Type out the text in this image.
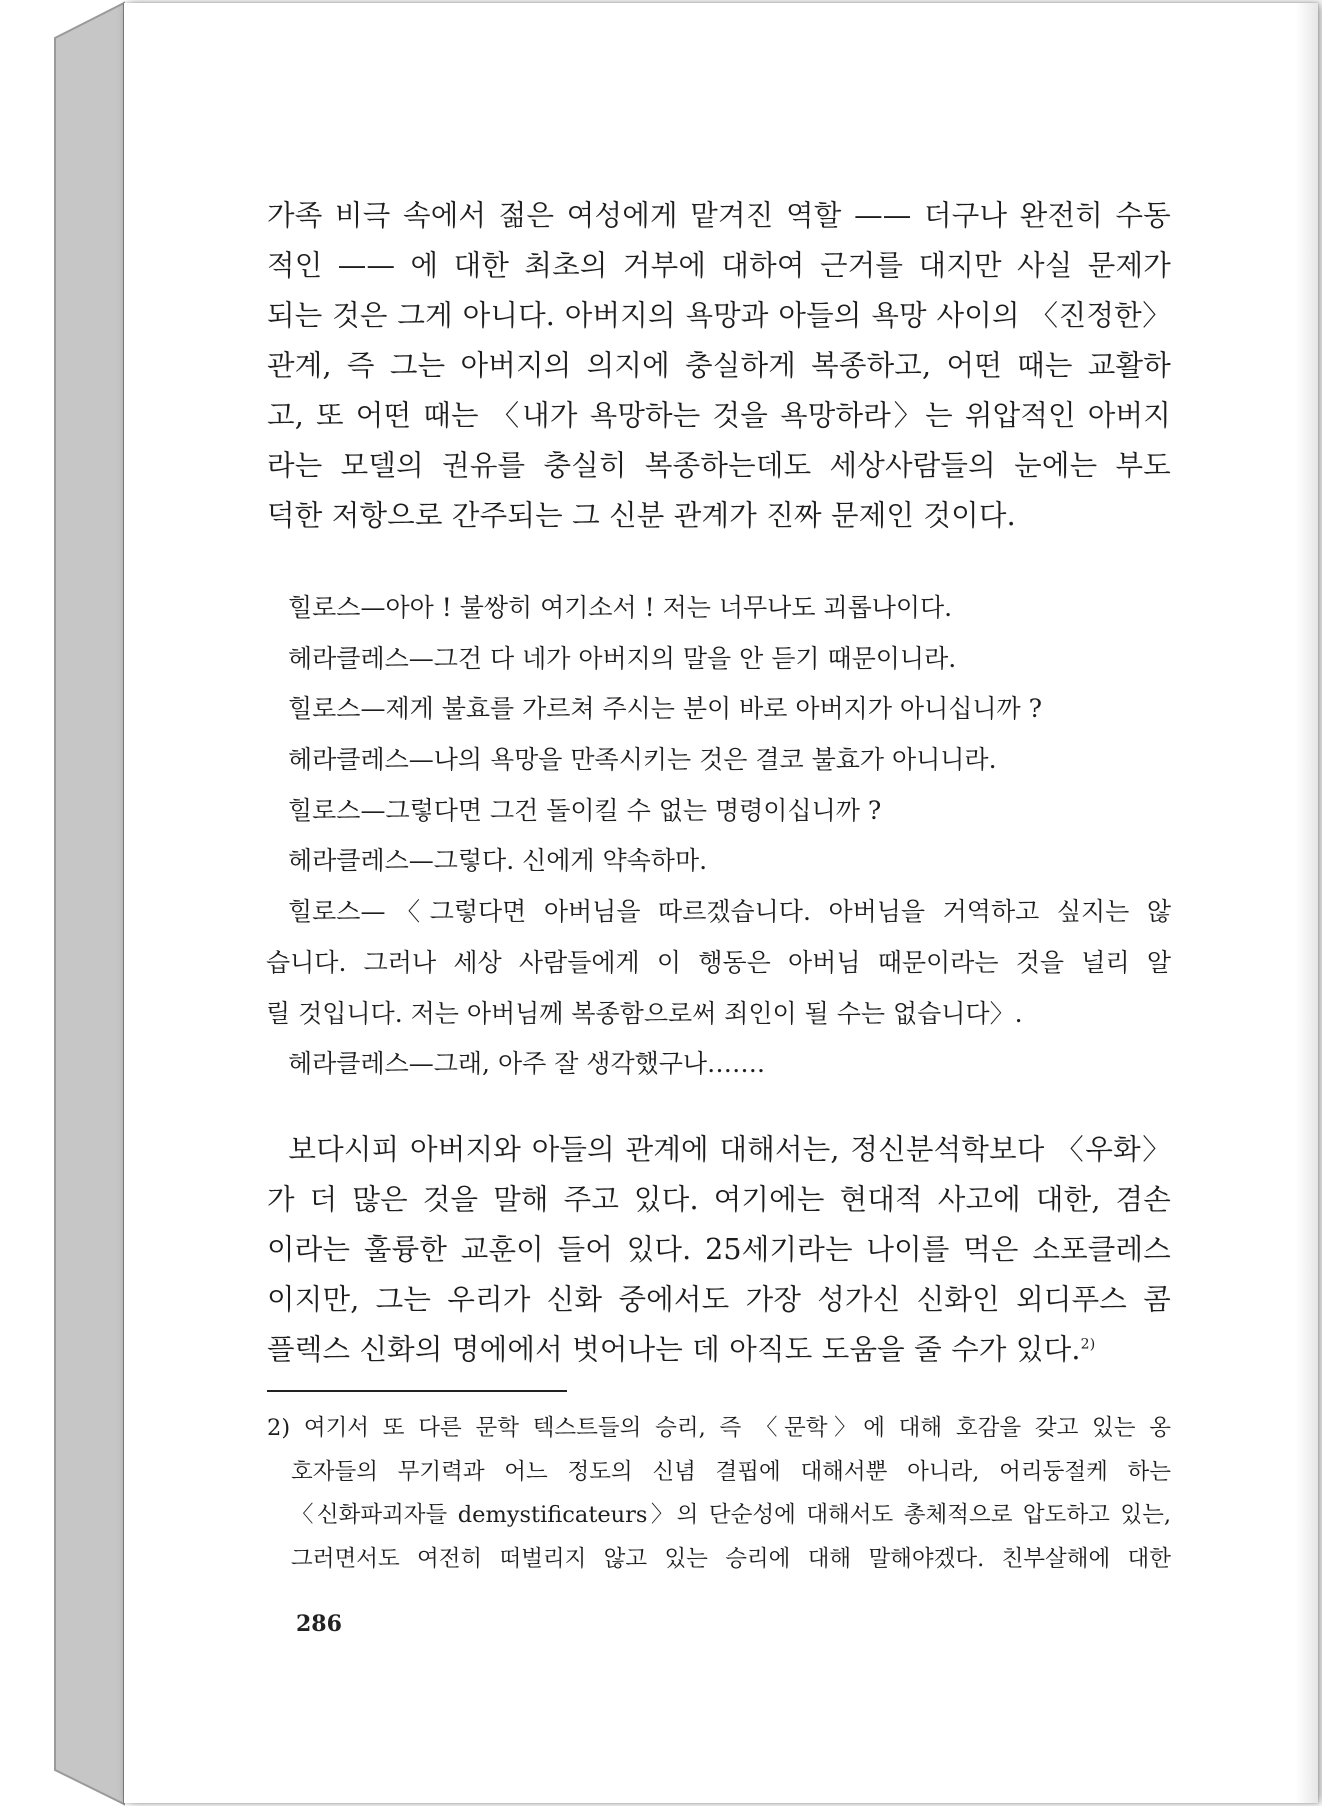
가족 비극 속에서 젊은 여성에게 맡겨진 역할 —— 더구나 완전히 수동
적인 —— 에 대한 최초의 거부에 대하여 근거를 대지만 사실 문제가
되는 것은 그게 아니다. 아버지의 욕망과 아들의 욕망 사이의 〈진정한〉
관계, 즉 그는 아버지의 의지에 충실하게 복종하고, 어떤 때는 교활하
고, 또 어떤 때는 〈내가 욕망하는 것을 욕망하라〉는 위압적인 아버지
라는 모델의 권유를 충실히 복종하는데도 세상사람들의 눈에는 부도
덕한 저항으로 간주되는 그 신분 관계가 진짜 문제인 것이다.
힐로스—아아 ! 불쌍히 여기소서 ! 저는 너무나도 괴롭나이다.
헤라클레스—그건 다 네가 아버지의 말을 안 듣기 때문이니라.
힐로스—제게 불효를 가르쳐 주시는 분이 바로 아버지가 아니십니까 ?
헤라클레스—나의 욕망을 만족시키는 것은 결코 불효가 아니니라.
힐로스—그렇다면 그건 돌이킬 수 없는 명령이십니까 ?
헤라클레스—그렇다. 신에게 약속하마.
힐로스—〈그렇다면 아버님을 따르겠습니다. 아버님을 거역하고 싶지는 않
습니다. 그러나 세상 사람들에게 이 행동은 아버님 때문이라는 것을 널리 알
릴 것입니다. 저는 아버님께 복종함으로써 죄인이 될 수는 없습니다〉.
헤라클레스—그래, 아주 잘 생각했구나…….
보다시피 아버지와 아들의 관계에 대해서는, 정신분석학보다 〈우화〉
가 더 많은 것을 말해 주고 있다. 여기에는 현대적 사고에 대한, 겸손
이라는 훌륭한 교훈이 들어 있다. 25세기라는 나이를 먹은 소포클레스
이지만, 그는 우리가 신화 중에서도 가장 성가신 신화인 외디푸스 콤
플렉스 신화의 명에에서 벗어나는 데 아직도 도움을 줄 수가 있다.$^{2)}$
2) 여기서 또 다른 문학 텍스트들의 승리, 즉 〈문학〉에 대해 호감을 갖고 있는 옹
호자들의 무기력과 어느 정도의 신념 결핍에 대해서뿐 아니라, 어리둥절케 하는
〈신화파괴자들 demystificateurs〉의 단순성에 대해서도 총체적으로 압도하고 있는,
그러면서도 여전히 떠벌리지 않고 있는 승리에 대해 말해야겠다. 친부살해에 대한
286
